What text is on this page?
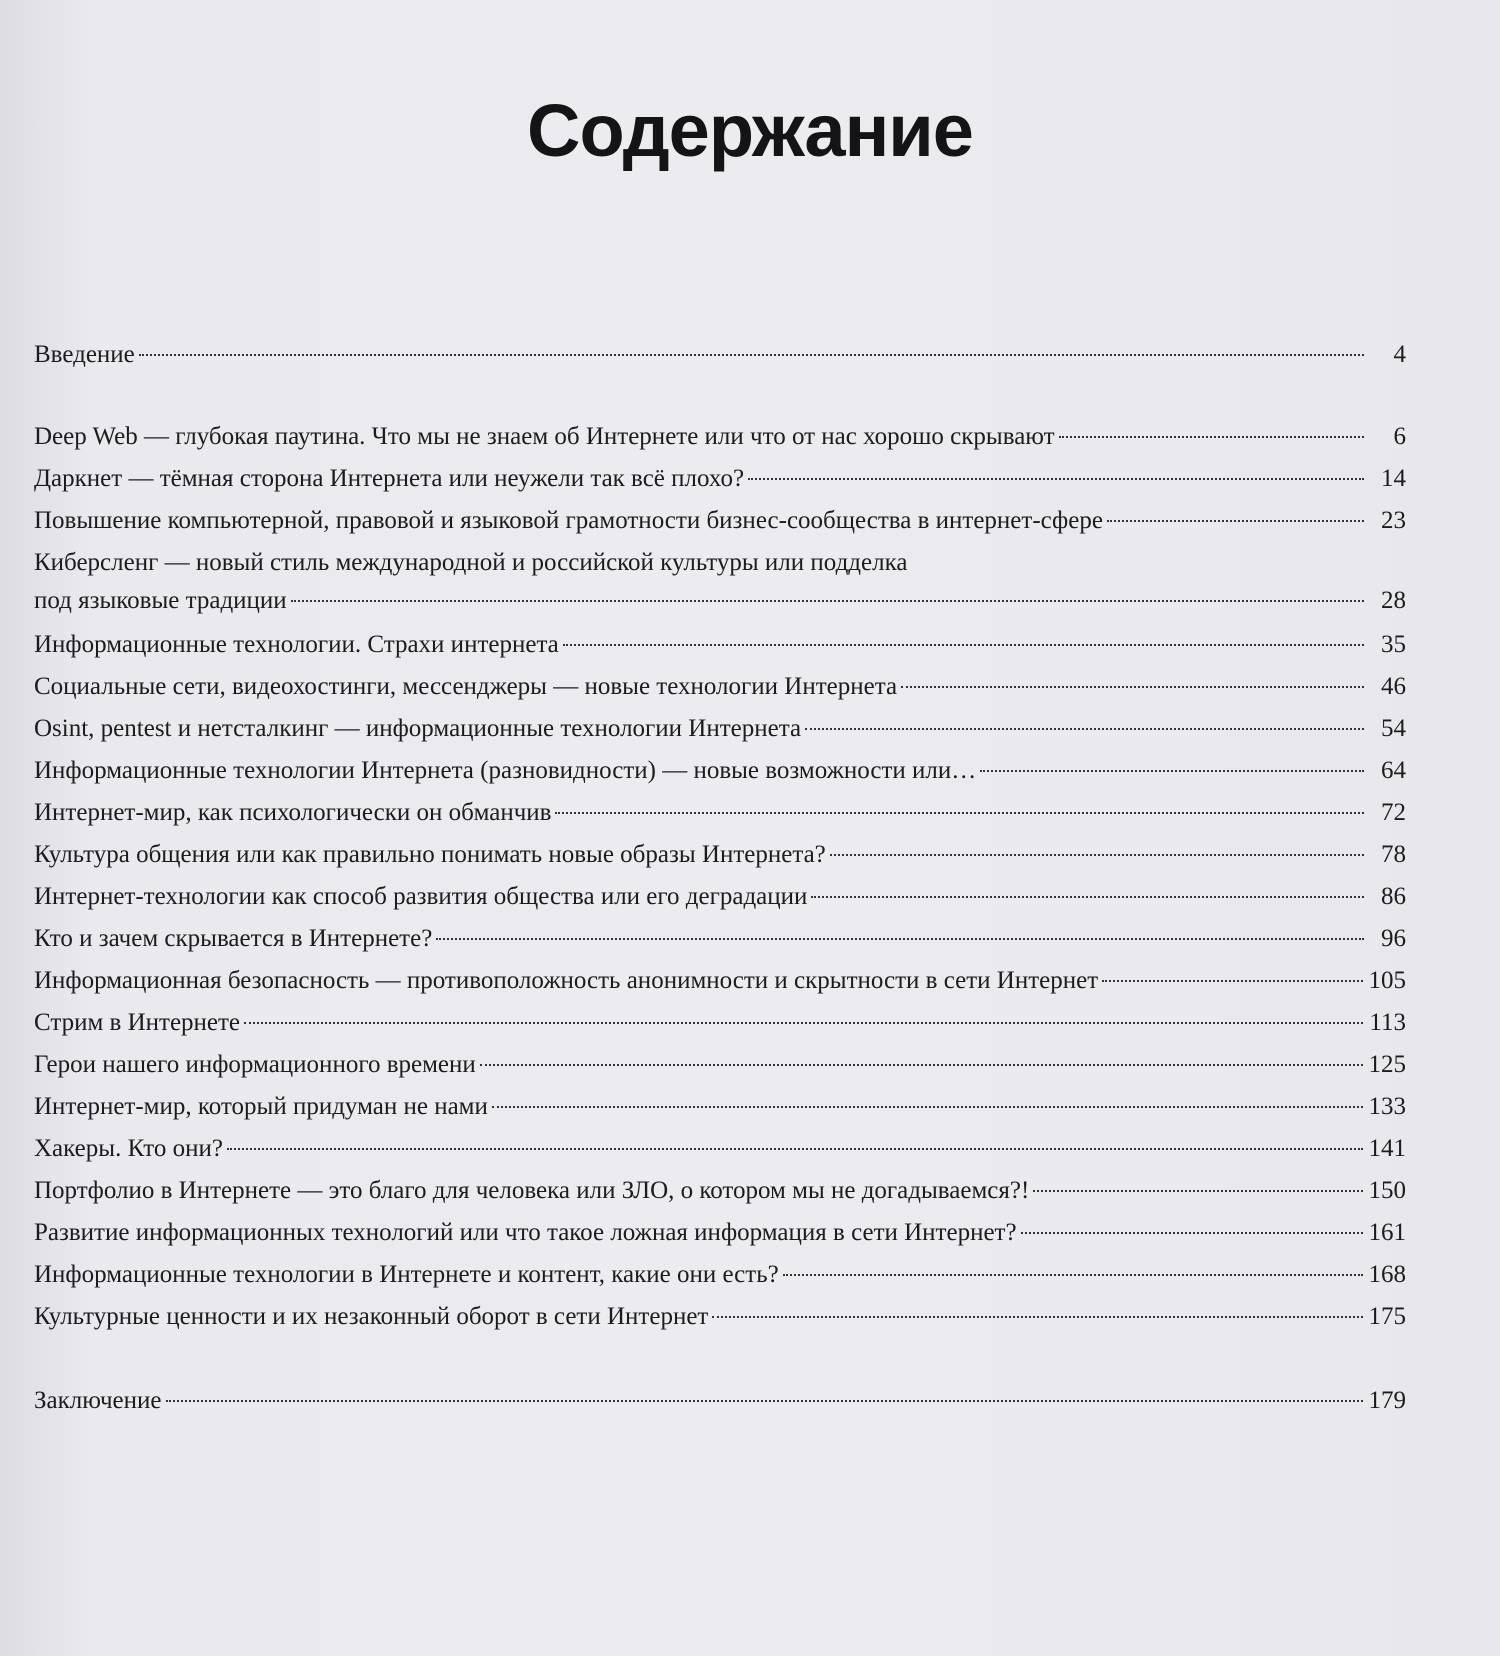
Содержание
Введение	4
Deep Web — глубокая паутина. Что мы не знаем об Интернете или что от нас хорошо скрывают	6
Даркнет — тёмная сторона Интернета или неужели так всё плохо?	14
Повышение компьютерной, правовой и языковой грамотности бизнес-сообщества в интернет-сфере	23
Киберсленг — новый стиль международной и российской культуры или подделка
под языковые традиции	28
Информационные технологии. Страхи интернета	35
Социальные сети, видеохостинги, мессенджеры — новые технологии Интернета	46
Osint, pentest и нетсталкинг — информационные технологии Интернета	54
Информационные технологии Интернета (разновидности) — новые возможности или…	64
Интернет-мир, как психологически он обманчив	72
Культура общения или как правильно понимать новые образы Интернета?	78
Интернет-технологии как способ развития общества или его деградации	86
Кто и зачем скрывается в Интернете?	96
Информационная безопасность — противоположность анонимности и скрытности в сети Интернет	105
Стрим в Интернете	113
Герои нашего информационного времени	125
Интернет-мир, который придуман не нами	133
Хакеры. Кто они?	141
Портфолио в Интернете — это благо для человека или ЗЛО, о котором мы не догадываемся?!	150
Развитие информационных технологий или что такое ложная информация в сети Интернет?	161
Информационные технологии в Интернете и контент, какие они есть?	168
Культурные ценности и их незаконный оборот в сети Интернет	175
Заключение	179
